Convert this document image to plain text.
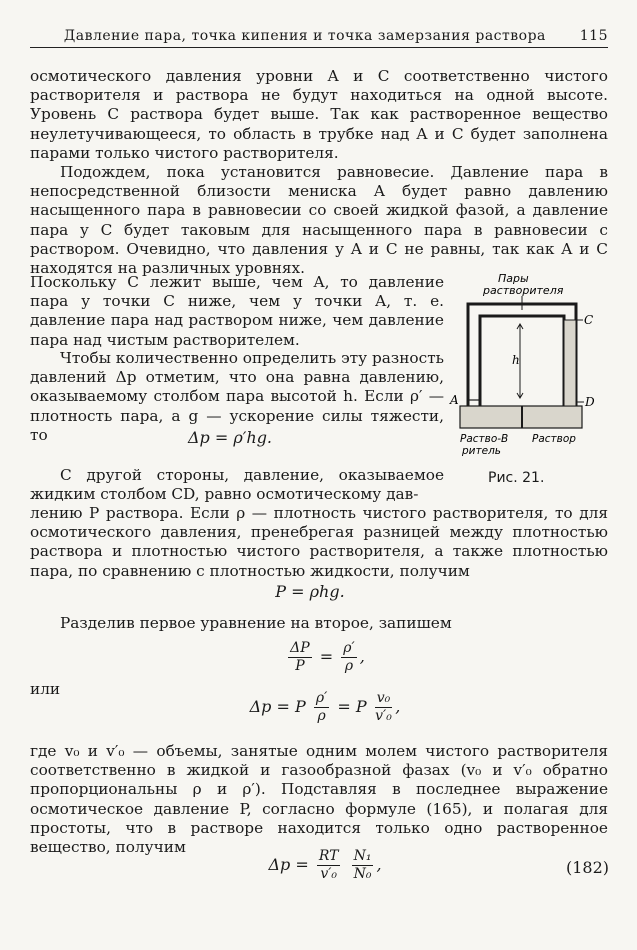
Давление пара, точка кипения и точка замерзания раствора	115
осмотического давления уровни A и C соответственно чистого растворителя и раствора не будут находиться на одной высоте. Уровень C раствора будет выше. Так как растворенное вещество неулетучивающееся, то область в трубке над A и C будет заполнена парами только чистого растворителя.
Подождем, пока установится равновесие. Давление пара в непосредственной близости мениска A будет равно давлению насыщенного пара в равновесии со своей жидкой фазой, а давление пара у C будет таковым для насыщенного пара в равновесии с раствором. Очевидно, что давления у A и C не равны, так как A и C находятся на различных уровнях.
Поскольку C лежит выше, чем A, то давление пара у точки C ниже, чем у точки A, т. е. давление пара над раствором ниже, чем давление пара над чистым растворителем.
Чтобы количественно определить эту разность давлений Δp отметим, что она равна давлению, оказываемому столбом пара высотой h. Если ρ′ — плотность пара, а g — ускорение силы тяжести, то	Δp = ρ′hg.
С другой стороны, давление, оказываемое жидким столбом CD, равно осмотическому дав-
лению P раствора. Если ρ — плотность чистого растворителя, то для осмотического давления, пренебрегая разницей между плотностью раствора и плотностью чистого растворителя, а также плотностью пара, по сравнению с плотностью жидкости, получим
P = ρhg.
Разделив первое уравнение на второе, запишем
$\frac{\Delta P}{P} = \frac{\rho'}{\rho}$ ,
или
Δp = P $\frac{\rho'}{\rho} = P \frac{\text{v₀}}{\text{v′₀}}$ ,
где v₀ и v′₀ — объемы, занятые одним молем чистого растворителя соответственно в жидкой и газообразной фазах (v₀ и v′₀ обратно пропорциональны ρ и ρ′). Подставляя в последнее выражение осмотическое давление P, согласно формуле (165), и полагая для простоты, что в растворе находится только одно растворенное вещество, получим
$\Delta p = \frac{RT}{\text{v′₀}}$
$\frac{\text{N₁}}{\text{N₀}}$ ,	(182)
Пары
растворителя
h
C
D
A
Раство-В
ритель
Раствор
Рис. 21.
